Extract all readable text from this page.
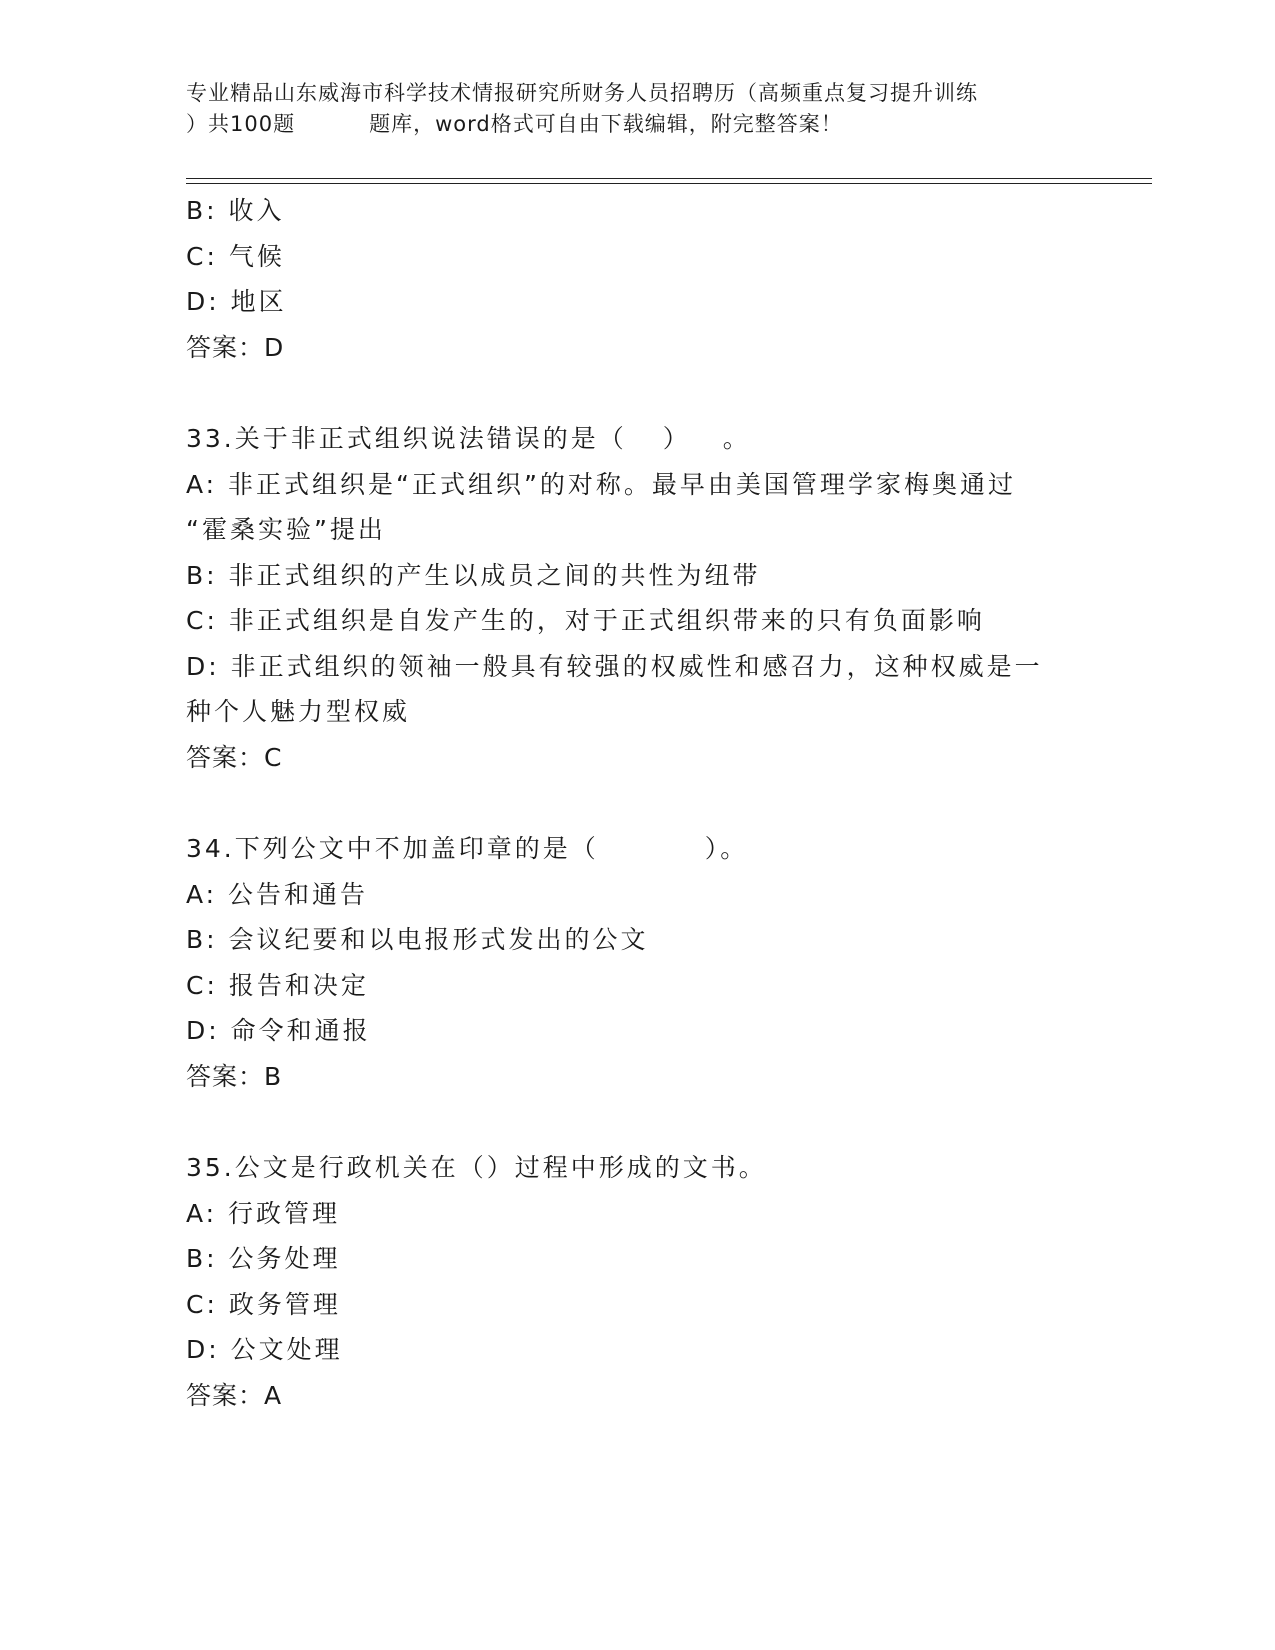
专业精品山东威海市科学技术情报研究所财务人员招聘历（高频重点复习提升训练
）共100题	题库，word格式可自由下载编辑，附完整答案！
B: 收入
C: 气候
D: 地区
答案：D
33.关于非正式组织说法错误的是（ ） 。
A: 非正式组织是“正式组织”的对称。最早由美国管理学家梅奥通过
“霍桑实验”提出
B: 非正式组织的产生以成员之间的共性为纽带
C: 非正式组织是自发产生的，对于正式组织带来的只有负面影响
D: 非正式组织的领袖一般具有较强的权威性和感召力，这种权威是一
种个人魅力型权威
答案：C
34.下列公文中不加盖印章的是（	）。
A: 公告和通告
B: 会议纪要和以电报形式发出的公文
C: 报告和决定
D: 命令和通报
答案：B
35.公文是行政机关在（）过程中形成的文书。
A: 行政管理
B: 公务处理
C: 政务管理
D: 公文处理
答案：A
